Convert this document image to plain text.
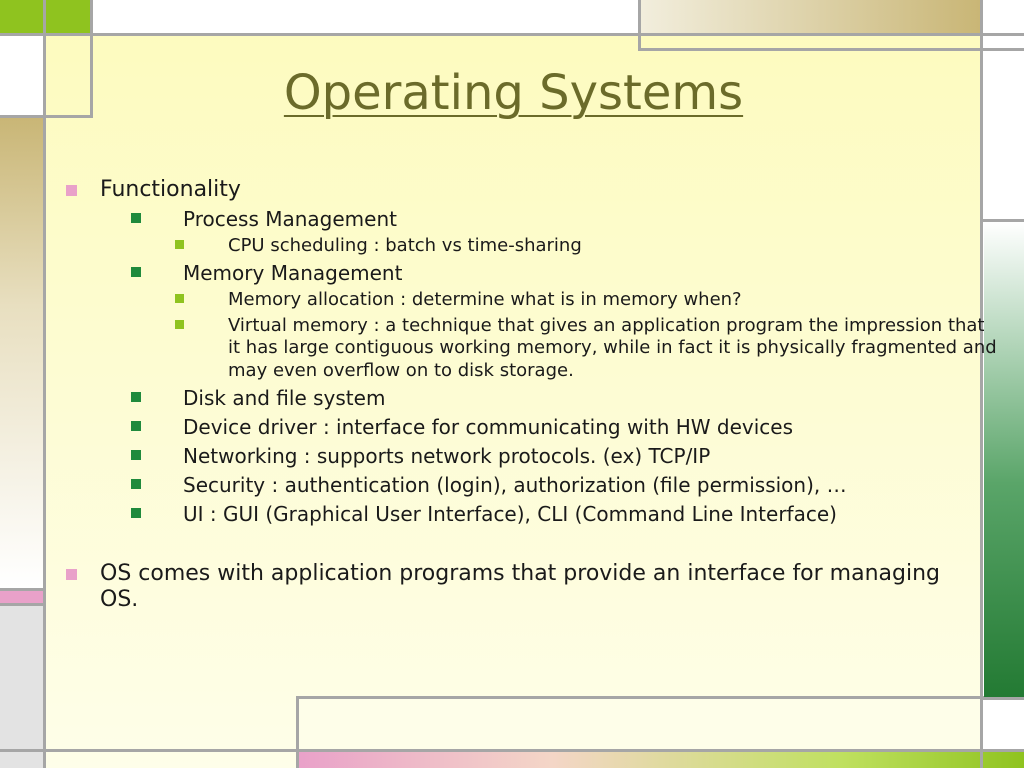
Operating Systems
Functionality
Process Management
CPU scheduling : batch vs time-sharing
Memory Management
Memory allocation : determine what is in memory when?
Virtual memory : a technique that gives an application program the impression that it has large contiguous working memory, while in fact it is physically fragmented and may even overflow on to disk storage.
Disk and file system
Device driver : interface for communicating with HW devices
Networking : supports network protocols. (ex) TCP/IP
Security : authentication (login), authorization (file permission), …
UI : GUI (Graphical User Interface), CLI (Command Line Interface)
OS comes with application programs that provide an interface for managing OS.
